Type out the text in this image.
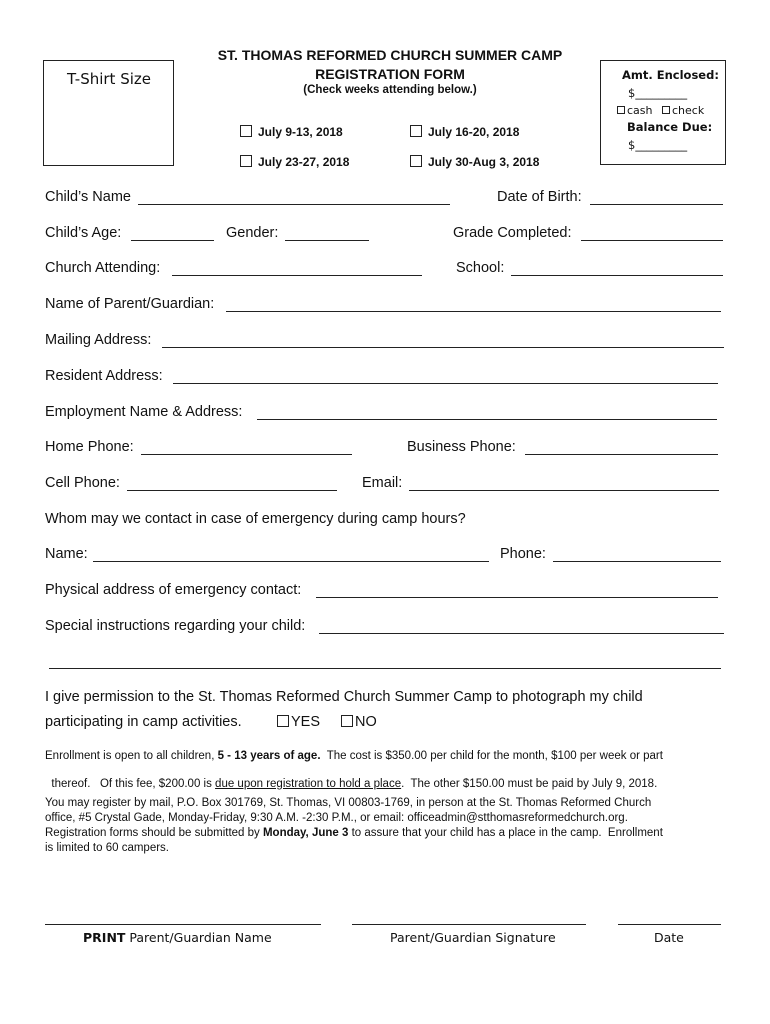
T-Shirt Size
ST. THOMAS REFORMED CHURCH SUMMER CAMP
REGISTRATION FORM
(Check weeks attending below.)
July 9-13, 2018	July 16-20, 2018
July 23-27, 2018	July 30-Aug 3, 2018
Amt. Enclosed:
$_________
cash check
Balance Due:
$_________
Child’s Name	Date of Birth:
Child’s Age:	Gender:	Grade Completed:
Church Attending:	School:
Name of Parent/Guardian:
Mailing Address:
Resident Address:
Employment Name & Address:
Home Phone:	Business Phone:
Cell Phone:	Email:
Whom may we contact in case of emergency during camp hours?
Name:	Phone:
Physical address of emergency contact:
Special instructions regarding your child:
I give permission to the St. Thomas Reformed Church Summer Camp to photograph my child
participating in camp activities.	YES	NO
Enrollment is open to all children, 5 - 13 years of age.  The cost is $350.00 per child for the month, $100 per week or part

thereof.   Of this fee, $200.00 is due upon registration to hold a place.  The other $150.00 must be paid by July 9, 2018.

You may register by mail, P.O. Box 301769, St. Thomas, VI 00803-1769, in person at the St. Thomas Reformed Church
office, #5 Crystal Gade, Monday-Friday, 9:30 A.M. -2:30 P.M., or email: officeadmin@stthomasreformedchurch.org.
Registration forms should be submitted by Monday, June 3 to assure that your child has a place in the camp.  Enrollment
is limited to 60 campers.
PRINT Parent/Guardian Name	Parent/Guardian Signature	Date
